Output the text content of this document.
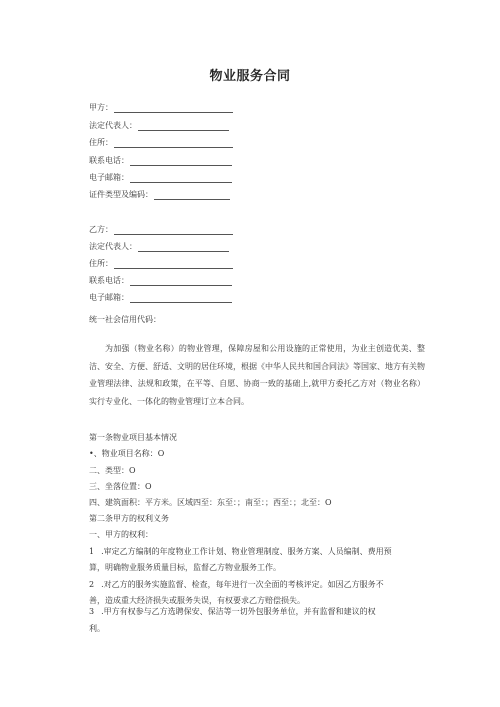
物业服务合同
甲方：
法定代表人：
住所：
联系电话：
电子邮箱：
证件类型及编码：
乙方：
法定代表人：
住所：
联系电话：
电子邮箱：
统一社会信用代码：
为加强（物业名称）的物业管理，保障房屋和公用设施的正常使用，为业主创造优美、整洁、安全、方便、舒适、文明的居住环境，根据《中华人民共和国合同法》等国家、地方有关物业管理法律、法规和政策，在平等、自愿、协商一致的基础上,就甲方委托乙方对（物业名称）实行专业化、一体化的物业管理订立本合同。
第一条物业项目基本情况
•、物业项目名称：O
二、类型：O
三、坐落位置：O
四、建筑面积：平方米。区域四至：东至：；南至：；西至：；北至：O
第二条甲方的权利义务
一、甲方的权利：
1 .审定乙方编制的年度物业工作计划、物业管理制度、服务方案、人员编制、费用预
算，明确物业服务质量目标，监督乙方物业服务工作。
2 .对乙方的服务实施监督、检查，每年进行一次全面的考核评定。如因乙方服务不
善，造成重大经济损失或服务失误，有权要求乙方赔偿损失。
3 .甲方有权参与乙方选聘保安、保洁等一切外包服务单位，并有监督和建议的权
利。
